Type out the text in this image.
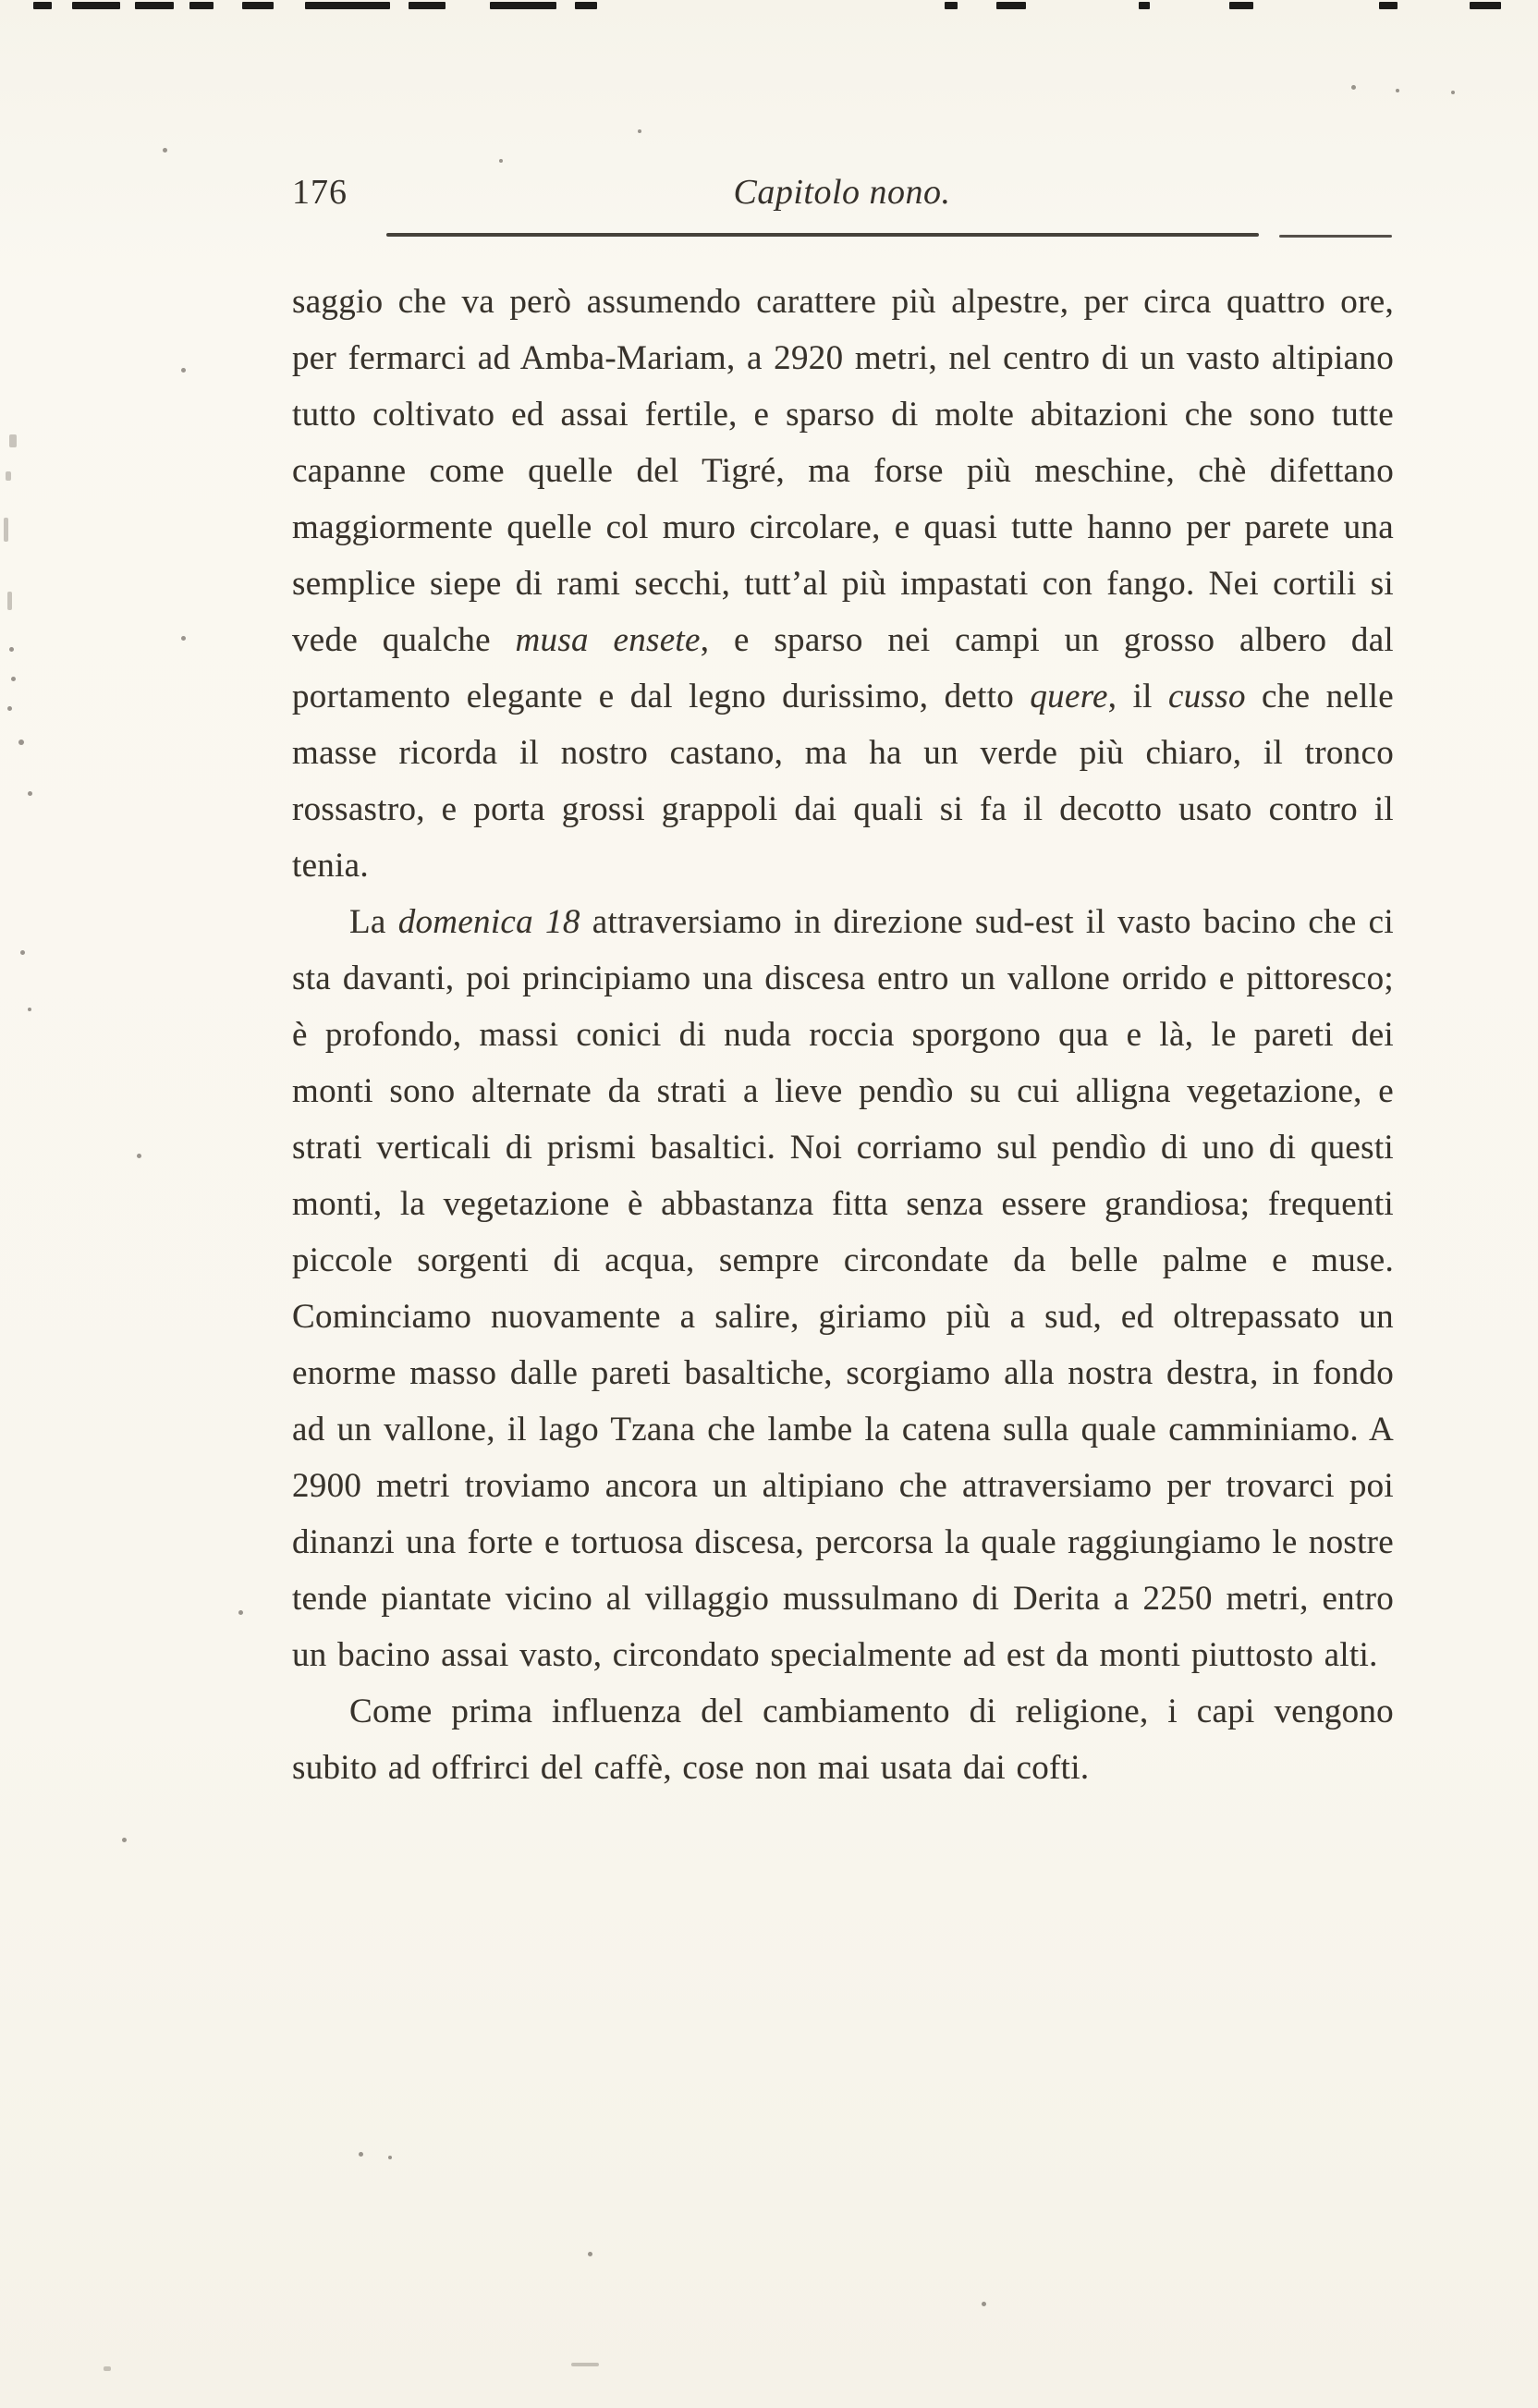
176	Capitolo nono.

saggio che va però assumendo carattere più alpestre, per circa quattro ore, per fermarci ad Amba-Mariam, a 2920 metri, nel centro di un vasto altipiano tutto coltivato ed assai fertile, e sparso di molte abitazioni che sono tutte capanne come quelle del Tigré, ma forse più meschine, chè difettano maggiormente quelle col muro circolare, e quasi tutte hanno per parete una semplice siepe di rami secchi, tutt’al più impastati con fango. Nei cortili si vede qualche musa ensete, e sparso nei campi un grosso albero dal portamento elegante e dal legno durissimo, detto quere, il cusso che nelle masse ricorda il nostro castano, ma ha un verde più chiaro, il tronco rossastro, e porta grossi grappoli dai quali si fa il decotto usato contro il tenia.

La domenica 18 attraversiamo in direzione sud-est il vasto bacino che ci sta davanti, poi principiamo una discesa entro un vallone orrido e pittoresco; è profondo, massi conici di nuda roccia sporgono qua e là, le pareti dei monti sono alternate da strati a lieve pendìo su cui alligna vegetazione, e strati verticali di prismi basaltici. Noi corriamo sul pendìo di uno di questi monti, la vegetazione è abbastanza fitta senza essere grandiosa; frequenti piccole sorgenti di acqua, sempre circondate da belle palme e muse. Cominciamo nuovamente a salire, giriamo più a sud, ed oltrepassato un enorme masso dalle pareti basaltiche, scorgiamo alla nostra destra, in fondo ad un vallone, il lago Tzana che lambe la catena sulla quale camminiamo. A 2900 metri troviamo ancora un altipiano che attraversiamo per trovarci poi dinanzi una forte e tortuosa discesa, percorsa la quale raggiungiamo le nostre tende piantate vicino al villaggio mussulmano di Derita a 2250 metri, entro un bacino assai vasto, circondato specialmente ad est da monti piuttosto alti.

Come prima influenza del cambiamento di religione, i capi vengono subito ad offrirci del caffè, cose non mai usata dai cofti.
